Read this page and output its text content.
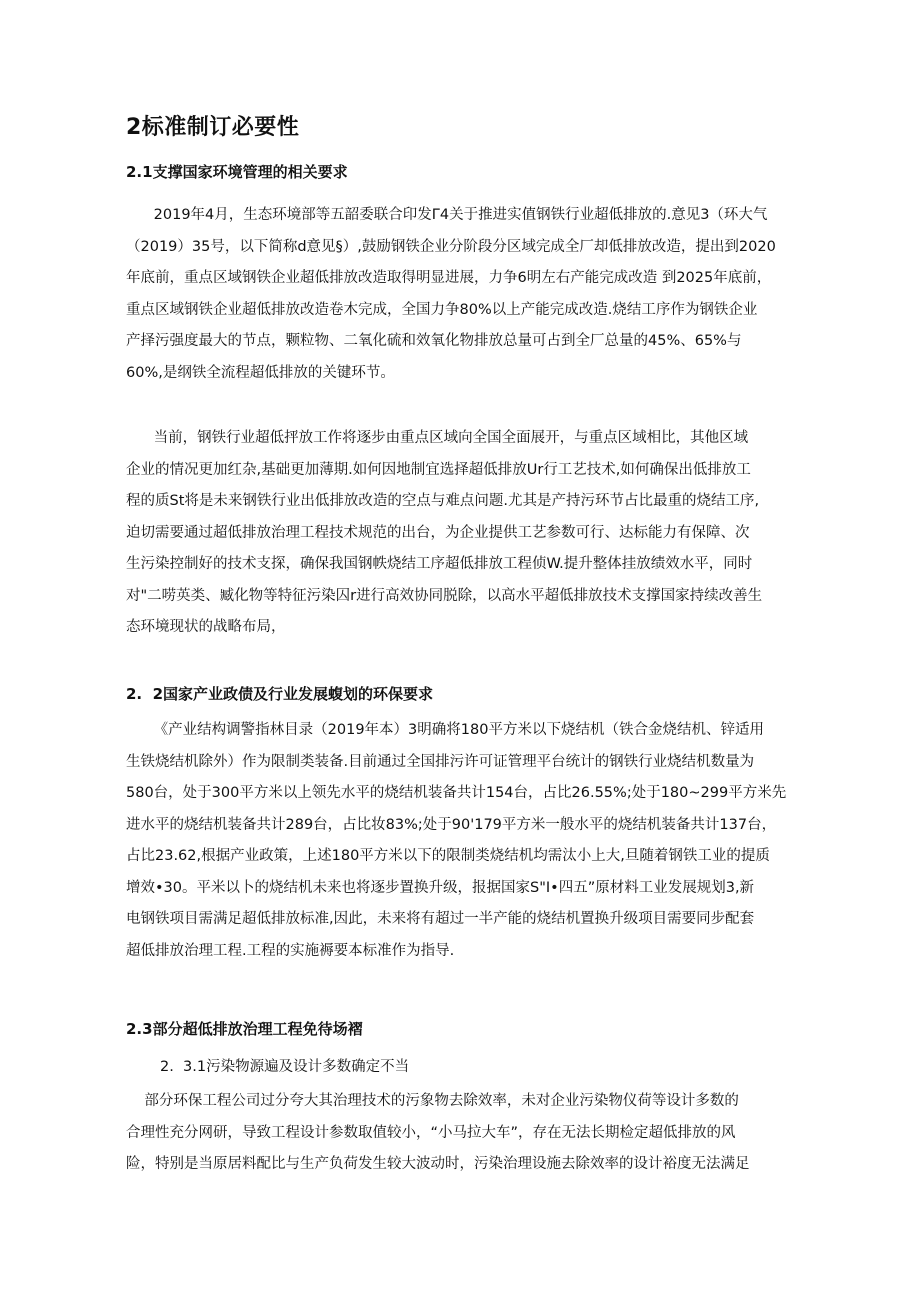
2标准制订必要性
2.1支撑国家环境管理的相关要求
2019年4月，生态环境部等五韶委联合印发Γ4关于推进实值钢铁行业超低排放的.意见3（环大气
（2019）35号，以下简称d意见§）,鼓励钢铁企业分阶段分区域完成全厂却低排放改造，提出到2020
年底前，重点区域钢铁企业超低排放改造取得明显进展，力争6明左右产能完成改造 到2025年底前，
重点区域钢铁企业超低排放改造卷木完成，全国力争80%以上产能完成改造.烧结工序作为钢铁企业
产择污强度最大的节点，颗粒物、二氧化硫和效氧化物排放总量可占到全厂总量的45%、65%与
60%,是纲铁全流程超低排放的关键环节。
当前，钢铁行业超低抨放工作将逐步由重点区域向全国全面展开，与重点区域相比，其他区域
企业的情况更加红杂,基础更加薄期.如何因地制宜选择超低排放Ur行工艺技术,如何确保出低排放工
程的质St将是未来钢铁行业出低排放改造的空点与难点问题.尤其是产持污环节占比最重的烧结工序,
迫切需要通过超低排放治理工程技术规范的出台，为企业提供工艺参数可行、达标能力有保障、次
生污染控制好的技术支探，确保我国钢帙烧结工序超低排放工程侦W.提升整体挂放绩效水平，同时
对"二唠英类、臧化物等特征污染囚r进行高效协同脱除，以高水平超低排放技术支撑国家持续改善生
态环境现状的战略布局，
2.  2国家产业政债及行业发展蝮划的环保要求
《产业结构调警指林目录（2019年本）3明确将180平方米以下烧结机（铁合金烧结机、锌适用
生铁烧结机除外）作为限制类装备.目前通过全国排污许可证管理平台统计的钢铁行业烧结机数量为
580台，处于300平方米以上领先水平的烧结机装备共计154台，占比26.55%;处于180~299平方米先
进水平的烧结机装备共计289台，占比妆83%;处于90'179平方米一般水平的烧结机装备共计137台，
占比23.62,根据产业政策，上述180平方米以下的限制类烧结机均需汰小上大,旦随着钢铁工业的提质
增效•30。平米以卜的烧结机未来也将逐步置换升级，报据国家S"I•四五”原材料工业发展规划3,新
电钢铁项目需满足超低排放标准,因此，未来将有超过一半产能的烧结机置换升级项目需要同步配套
超低排放治理工程.工程的实施褥要本标准作为指导.
2.3部分超低排放治理工程免待场褶
2.  3.1污染物源遍及设计多数确定不当
部分环保工程公司过分夸大其治理技术的污象物去除效率，未对企业污染物仪荷等设计多数的
合理性充分网研，导致工程设计参数取值较小，“小马拉大车”，存在无法长期检定超低排放的风
险，特别是当原居料配比与生产负荷发生较大波动时，污染治理设施去除效率的设计裕度无法满足
